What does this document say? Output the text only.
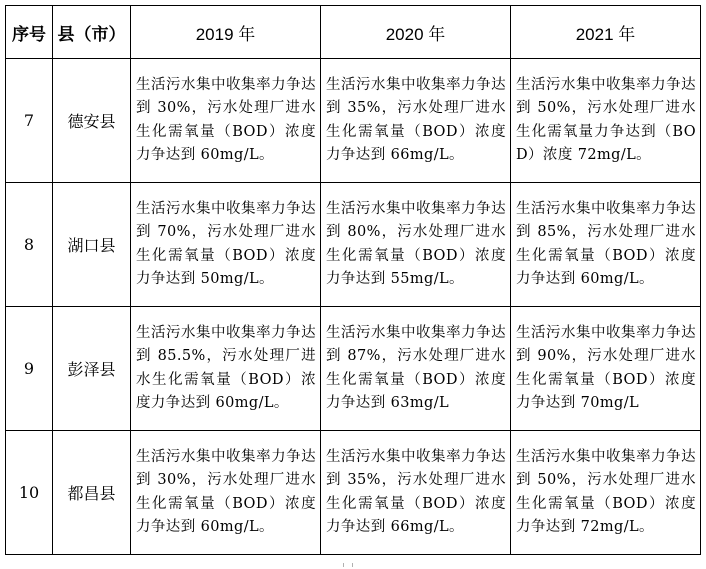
序号	县（市）	2019 年	2020 年	2021 年
7	德安县	生活污水集中收集率力争达到 30%，污水处理厂进水生化需氧量（BOD）浓度力争达到 60mg/L。	生活污水集中收集率力争达到 35%，污水处理厂进水生化需氧量（BOD）浓度力争达到 66mg/L。	生活污水集中收集率力争达到 50%，污水处理厂进水生化需氧量力争达到（BOD）浓度 72mg/L。
8	湖口县	生活污水集中收集率力争达到 70%，污水处理厂进水生化需氧量（BOD）浓度力争达到 50mg/L。	生活污水集中收集率力争达到 80%，污水处理厂进水生化需氧量（BOD）浓度力争达到 55mg/L。	生活污水集中收集率力争达到 85%，污水处理厂进水生化需氧量（BOD）浓度力争达到 60mg/L。
9	彭泽县	生活污水集中收集率力争达到 85.5%，污水处理厂进水生化需氧量（BOD）浓度力争达到 60mg/L。	生活污水集中收集率力争达到 87%，污水处理厂进水生化需氧量（BOD）浓度力争达到 63mg/L	生活污水集中收集率力争达到 90%，污水处理厂进水生化需氧量（BOD）浓度力争达到 70mg/L
10	都昌县	生活污水集中收集率力争达到 30%，污水处理厂进水生化需氧量（BOD）浓度力争达到 60mg/L。	生活污水集中收集率力争达到 35%，污水处理厂进水生化需氧量（BOD）浓度力争达到 66mg/L。	生活污水集中收集率力争达到 50%，污水处理厂进水生化需氧量（BOD）浓度力争达到 72mg/L。
